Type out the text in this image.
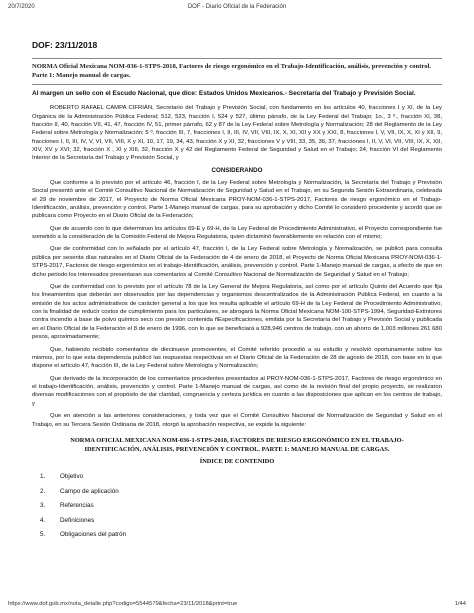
20/7/2020	DOF - Diario Oficial de la Federación
DOF: 23/11/2018
NORMA Oficial Mexicana NOM-036-1-STPS-2018, Factores de riesgo ergonómico en el Trabajo-Identificación, análisis, prevención y control. Parte 1: Manejo manual de cargas.
Al margen un sello con el Escudo Nacional, que dice: Estados Unidos Mexicanos.- Secretaría del Trabajo y Previsión Social.

ROBERTO RAFAEL CAMPA CIFRIÁN, Secretario del Trabajo y Previsión Social, con fundamento en los artículos 40, fracciones I y XI, de la Ley Orgánica de la Administración Pública Federal; 512, 523, fracción I, 524 y 527, último párrafo, de la Ley Federal del Trabajo; 1o., 3 º., fracción XI, 38, fracción II, 40, fracción VII, 41, 47, fracción IV, 51, primer párrafo, 62 y 87 de la Ley Federal sobre Metrología y Normalización; 28 del Reglamento de la Ley Federal sobre Metrología y Normalización; 5 º, fracción III, 7, fracciones I, II, III, IV, VII, VIII, IX, X, XI, XII y XX y XXI, 8, fracciones I, V, VII, IX, X, XI y XII, 9, fracciones I, II, III, IV, V, VI, VII, VIII, X y XI, 10, 17, 19, 34, 43, fracción X y XI, 32, fracciones V y VIII, 33, 35, 36, 37, fracciones I, II, V, VI, VII, VIII, IX, X, XII, XIV, XV y XVI; 32, fracción X , XI y XIII, 32, fracción X y 42 del Reglamento Federal de Seguridad y Salud en el Trabajo; 24, fracción VI del Reglamento Interior de la Secretaría del Trabajo y Previsión Social, y

CONSIDERANDO

Que conforme a lo previsto por el artículo 46, fracción I, de la Ley Federal sobre Metrología y Normalización, la Secretaría del Trabajo y Previsión Social presentó ante el Comité Consultivo Nacional de Normalización de Seguridad y Salud en el Trabajo, en su Segunda Sesión Extraordinaria, celebrada el 29 de noviembre de 2017, el Proyecto de Norma Oficial Mexicana PROY-NOM-036-1-STPS-2017, Factores de riesgo ergonómico en el Trabajo-Identificación, análisis, prevención y control. Parte 1-Manejo manual de cargas, para su aprobación y dicho Comité lo consideró procedente y acordó que se publicara como Proyecto en el Diario Oficial de la Federación;

Que de acuerdo con lo que determinan los artículos 69-E y 69-H, de la Ley Federal de Procedimiento Administrativo, el Proyecto correspondiente fue sometido a la consideración de la Comisión Federal de Mejora Regulatoria, quien dictaminó favorablemente en relación con el mismo;

Que de conformidad con lo señalado por el artículo 47, fracción I, de la Ley Federal sobre Metrología y Normalización, se publicó para consulta pública por sesenta días naturales en el Diario Oficial de la Federación de 4 de enero de 2018, el Proyecto de Norma Oficial Mexicana PROY-NOM-036-1-STPS-2017, Factores de riesgo ergonómico en el trabajo-Identificación, análisis, prevención y control. Parte 1-Manejo manual de cargas, a efecto de que en dicho periodo los interesados presentaran sus comentarios al Comité Consultivo Nacional de Normalización de Seguridad y Salud en el Trabajo;

Que de conformidad con lo previsto por el artículo 78 de la Ley General de Mejora Regulatoria, así como por el artículo Quinto del Acuerdo que fija los lineamientos que deberán ser observados por las dependencias y organismos descentralizados de la Administración Pública Federal, en cuanto a la emisión de los actos administrativos de carácter general a los que les resulta aplicable el artículo 69-H de la Ley Federal de Procedimiento Administrativo, con la finalidad de reducir costos de cumplimiento para los particulares, se abrogará la Norma Oficial Mexicana NOM-100-STPS-1994, Seguridad-Extintores contra incendio a base de polvo químico seco con presión contenida ñEspecificaciones, emitida por la Secretaría del Trabajo y Previsión Social y publicada en el Diario Oficial de la Federación el 8 de enero de 1996, con lo que se beneficiará a 928,946 centros de trabajo, con un ahorro de 1,003 millones 261 680 pesos, aproximadamente;

Que, habiendo recibido comentarios de diecinueve promoventes, el Comité referido procedió a su estudio y resolvió oportunamente sobre los mismos, por lo que esta dependencia publicó las respuestas respectivas en el Diario Oficial de la Federación de 28 de agosto de 2018, con base en lo que dispone el artículo 47, fracción III, de la Ley Federal sobre Metrología y Normalización;

Que derivado de la incorporación de los comentarios procedentes presentados al PROY-NOM-036-1-STPS-2017, Factores de riesgo ergonómico en el trabajo-Identificación, análisis, prevención y control. Parte 1-Manejo manual de cargas, así como de la revisión final del propio proyecto, se realizaron diversas modificaciones con el propósito de dar claridad, congruencia y certeza jurídica en cuanto a las disposiciones que aplican en los centros de trabajo, y

Que en atención a las anteriores consideraciones, y toda vez que el Comité Consultivo Nacional de Normalización de Seguridad y Salud en el Trabajo, en su Tercera Sesión Ordinaria de 2018, otorgó la aprobación respectiva, se expide la siguiente:

NORMA OFICIAL MEXICANA NOM-036-1-STPS-2018, FACTORES DE RIESGO ERGONÓMICO EN EL TRABAJO-IDENTIFICACIÓN, ANÁLISIS, PREVENCIÓN Y CONTROL. PARTE 1: MANEJO MANUAL DE CARGAS.
ÍNDICE DE CONTENIDO
1.	Objetivo
2.	Campo de aplicación
3.	Referencias
4.	Definiciones
5.	Obligaciones del patrón
https://www.dof.gob.mx/nota_detalle.php?codigo=5544579&fecha=23/11/2018&print=true	1/44
